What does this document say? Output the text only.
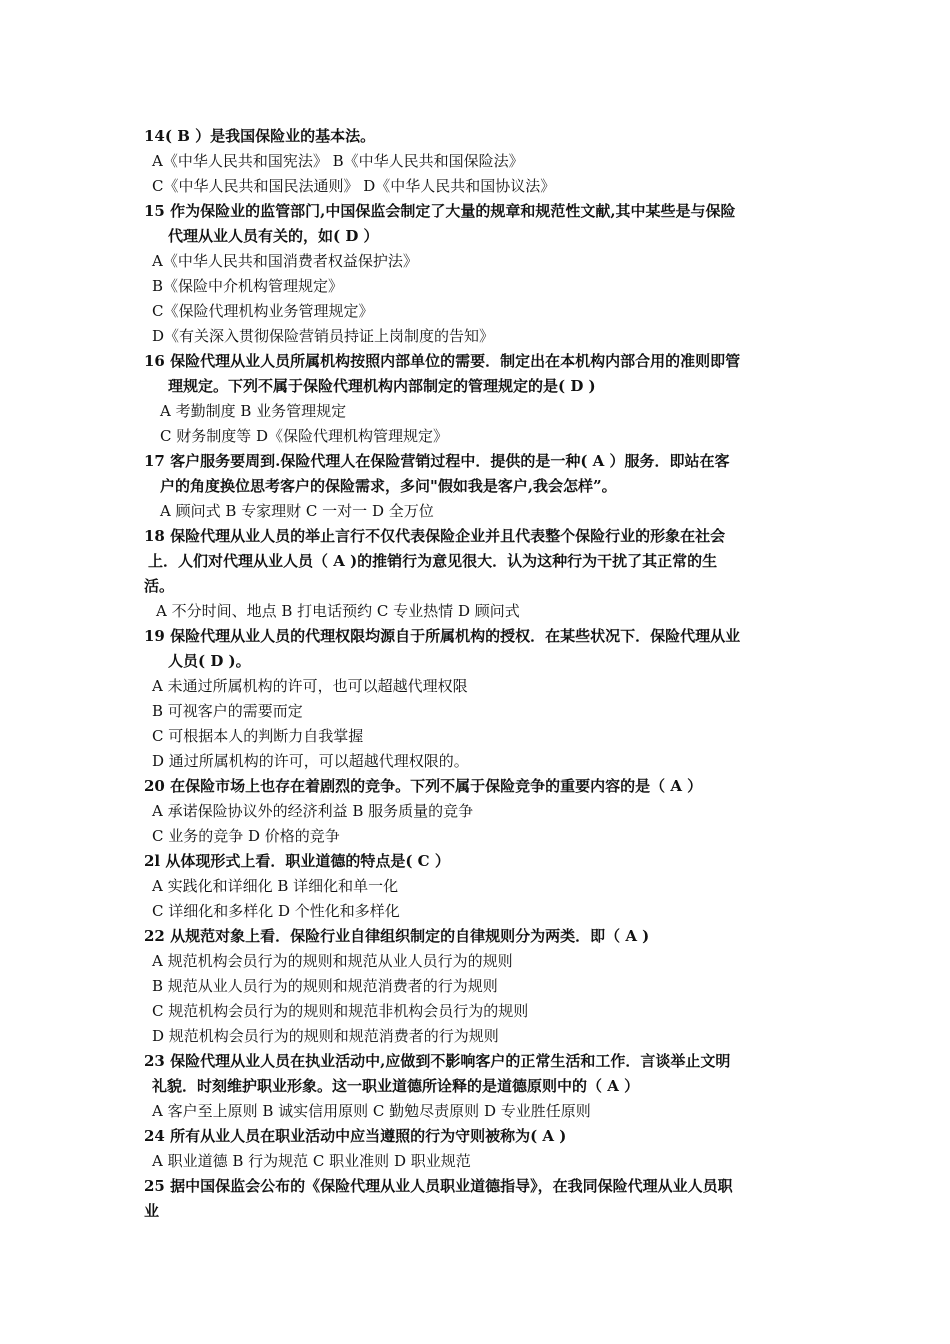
14( B ）是我国保险业的基本法。

A《中华人民共和国宪法》 B《中华人民共和国保险法》

C《中华人民共和国民法通则》 D《中华人民共和国协议法》

15 作为保险业的监管部门,中国保监会制定了大量的规章和规范性文献,其中某些是与保险

代理从业人员有关的，如( D ）

A《中华人民共和国消费者权益保护法》

B《保险中介机构管理规定》

C《保险代理机构业务管理规定》

D《有关深入贯彻保险营销员持证上岗制度的告知》

16 保险代理从业人员所属机构按照内部单位的需要．制定出在本机构内部合用的准则即管

理规定。下列不属于保险代理机构内部制定的管理规定的是( D )

A 考勤制度 B 业务管理规定

C 财务制度等 D《保险代理机构管理规定》

17 客户服务要周到.保险代理人在保险营销过程中．提供的是一种( A ）服务．即站在客

户的角度换位思考客户的保险需求，多问"假如我是客户,我会怎样”。

A 顾问式 B 专家理财 C 一对一 D 全万位

18 保险代理从业人员的举止言行不仅代表保险企业并且代表整个保险行业的形象在社会

上．人们对代理从业人员（ A )的推销行为意见很大．认为这种行为干扰了其正常的生

活。

A 不分时间、地点 B 打电话预约 C 专业热情 D 顾问式

19 保险代理从业人员的代理权限均源自于所属机构的授权．在某些状况下．保险代理从业

人员( D )。

A 未通过所属机构的许可，也可以超越代理权限

B 可视客户的需要而定

C 可根据本人的判断力自我掌握

D 通过所属机构的许可，可以超越代理权限的。

20 在保险市场上也存在着剧烈的竞争。下列不属于保险竞争的重要内容的是（ A ）

A 承诺保险协议外的经济利益 B 服务质量的竞争

C 业务的竞争 D 价格的竞争

2l 从体现形式上看．职业道德的特点是( C ）

A 实践化和详细化 B 详细化和单一化

C 详细化和多样化 D 个性化和多样化

22 从规范对象上看．保险行业自律组织制定的自律规则分为两类．即（ A )

A 规范机构会员行为的规则和规范从业人员行为的规则

B 规范从业人员行为的规则和规范消费者的行为规则

C 规范机构会员行为的规则和规范非机构会员行为的规则

D 规范机构会员行为的规则和规范消费者的行为规则

23 保险代理从业人员在执业活动中,应做到不影响客户的正常生活和工作．言谈举止文明

礼貌．时刻维护职业形象。这一职业道德所诠释的是道德原则中的（ A ）

A 客户至上原则 B 诚实信用原则 C 勤勉尽责原则 D 专业胜任原则

24 所有从业人员在职业活动中应当遵照的行为守则被称为( A )

A 职业道德 B 行为规范 C 职业准则 D 职业规范

25 据中国保监会公布的《保险代理从业人员职业道德指导》，在我同保险代理从业人员职

业
